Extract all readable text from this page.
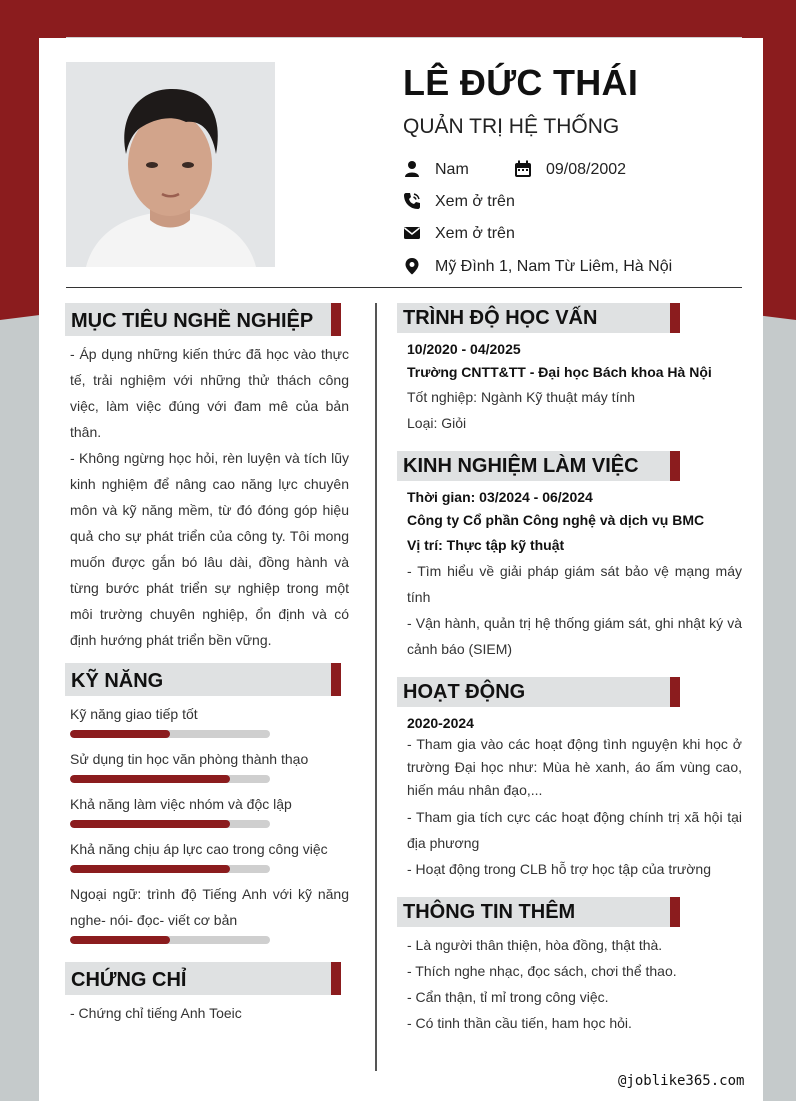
LÊ ĐỨC THÁI
QUẢN TRỊ HỆ THỐNG
Nam	09/08/2002
Xem ở trên
Xem ở trên
Mỹ Đình 1, Nam Từ Liêm, Hà Nội
MỤC TIÊU NGHỀ NGHIỆP
- Áp dụng những kiến thức đã học vào thực tế, trải nghiệm với những thử thách công việc, làm việc đúng với đam mê của bản thân.
- Không ngừng học hỏi, rèn luyện và tích lũy kinh nghiệm để nâng cao năng lực chuyên môn và kỹ năng mềm, từ đó đóng góp hiệu quả cho sự phát triển của công ty. Tôi mong muốn được gắn bó lâu dài, đồng hành và từng bước phát triển sự nghiệp trong một môi trường chuyên nghiệp, ổn định và có định hướng phát triển bền vững.
KỸ NĂNG
Kỹ năng giao tiếp tốt
Sử dụng tin học văn phòng thành thạo
Khả năng làm việc nhóm và độc lập
Khả năng chịu áp lực cao trong công việc
Ngoại ngữ: trình độ Tiếng Anh với kỹ năng nghe- nói- đọc- viết cơ bản
CHỨNG CHỈ
- Chứng chỉ tiếng Anh Toeic
TRÌNH ĐỘ HỌC VẤN
10/2020 - 04/2025
Trường CNTT&TT - Đại học Bách khoa Hà Nội
Tốt nghiệp: Ngành Kỹ thuật máy tính
Loại: Giỏi
KINH NGHIỆM LÀM VIỆC
Thời gian: 03/2024 - 06/2024
Công ty Cổ phần Công nghệ và dịch vụ BMC
Vị trí: Thực tập kỹ thuật
- Tìm hiểu về giải pháp giám sát bảo vệ mạng máy tính
- Vận hành, quản trị hệ thống giám sát, ghi nhật ký và cảnh báo (SIEM)
HOẠT ĐỘNG
2020-2024
- Tham gia vào các hoạt động tình nguyện khi học ở trường Đại học như: Mùa hè xanh, áo ấm vùng cao, hiến máu nhân đạo,...
- Tham gia tích cực các hoạt động chính trị xã hội tại địa phương
- Hoạt động trong CLB hỗ trợ học tập của trường
THÔNG TIN THÊM
- Là người thân thiện, hòa đồng, thật thà.
- Thích nghe nhạc, đọc sách, chơi thể thao.
- Cẩn thận, tỉ mỉ trong công việc.
- Có tinh thần cầu tiến, ham học hỏi.
@joblike365.com
